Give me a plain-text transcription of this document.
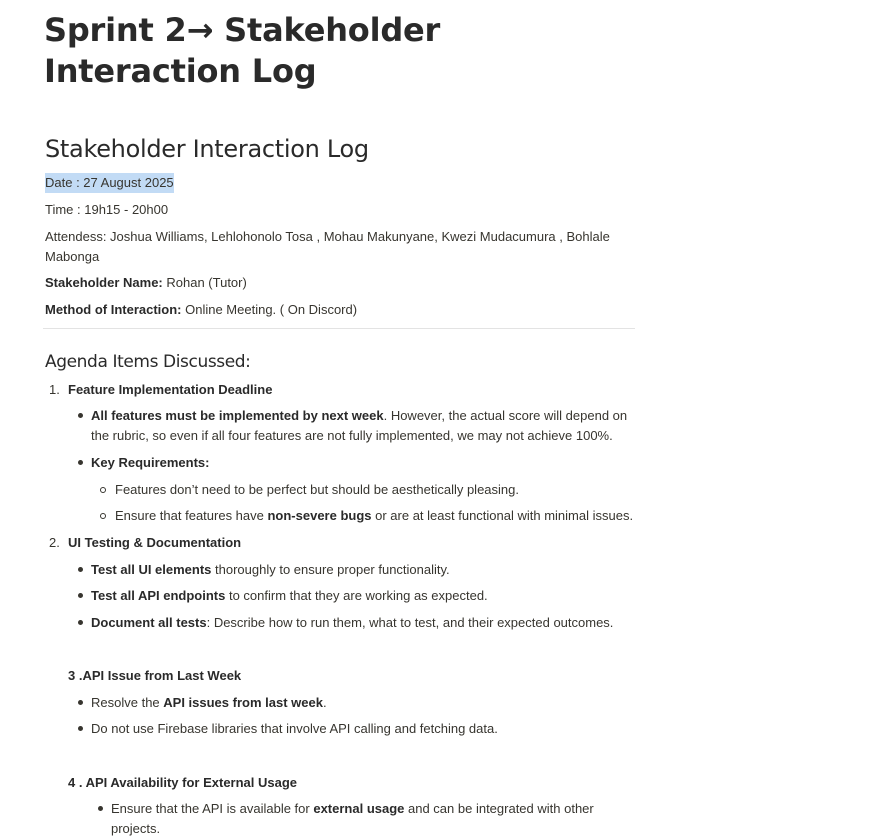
Sprint 2→ Stakeholder Interaction Log
Stakeholder Interaction Log
Date : 27 August 2025
Time : 19h15 - 20h00
Attendess: Joshua Williams, Lehlohonolo Tosa , Mohau Makunyane, Kwezi Mudacumura , Bohlale
Mabonga
Stakeholder Name: Rohan (Tutor)
Method of Interaction: Online Meeting. ( On Discord)
Agenda Items Discussed:
1. Feature Implementation Deadline
All features must be implemented by next week. However, the actual score will depend on
the rubric, so even if all four features are not fully implemented, we may not achieve 100%.
Key Requirements:
Features don’t need to be perfect but should be aesthetically pleasing.
Ensure that features have non-severe bugs or are at least functional with minimal issues.
2. UI Testing & Documentation
Test all UI elements thoroughly to ensure proper functionality.
Test all API endpoints to confirm that they are working as expected.
Document all tests: Describe how to run them, what to test, and their expected outcomes.
3 .API Issue from Last Week
Resolve the API issues from last week.
Do not use Firebase libraries that involve API calling and fetching data.
4 . API Availability for External Usage
Ensure that the API is available for external usage and can be integrated with other
projects.
